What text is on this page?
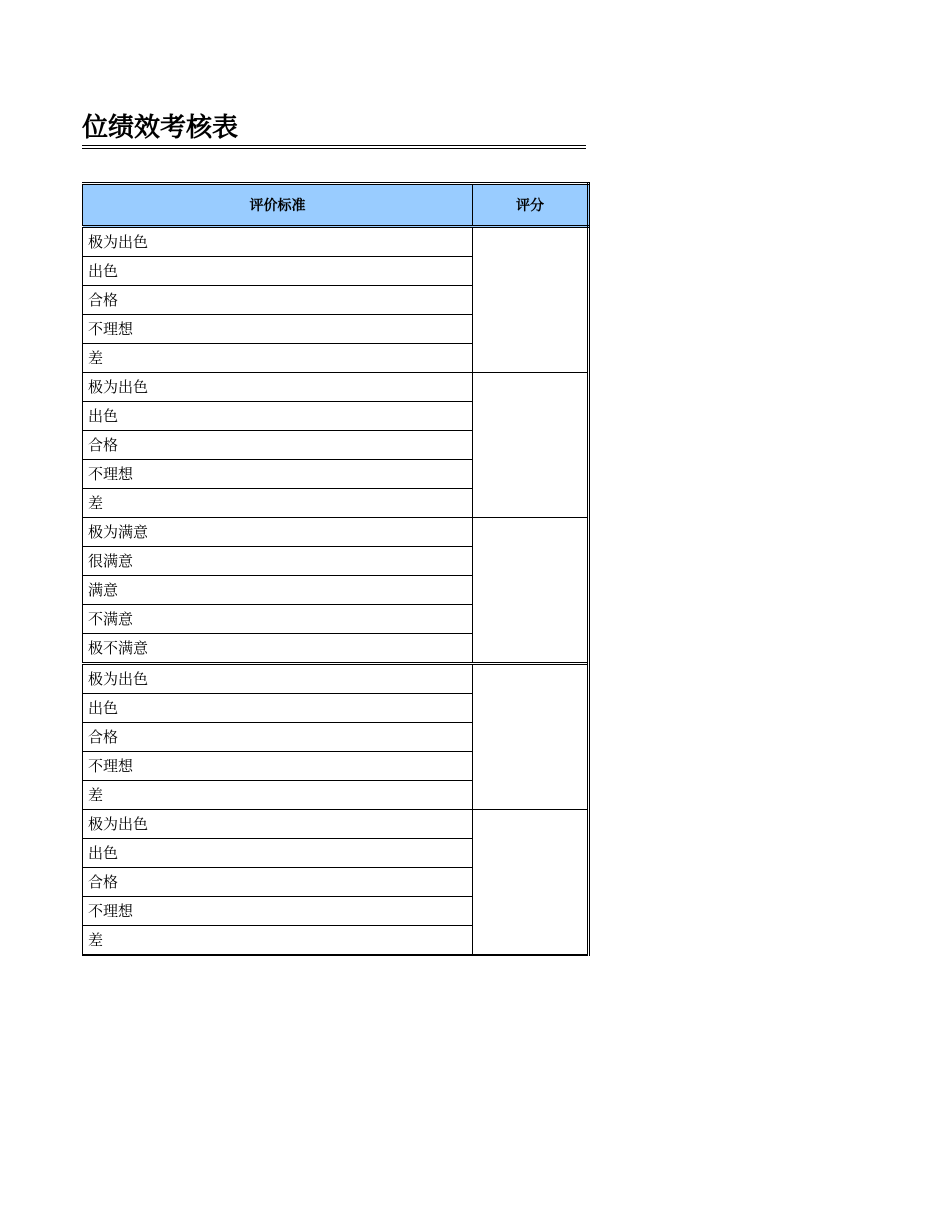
位绩效考核表
评价标准	评分
极为出色	
出色	
合格	
不理想	
差	
极为出色	
出色	
合格	
不理想	
差	
极为满意	
很满意	
满意	
不满意	
极不满意	
极为出色	
出色	
合格	
不理想	
差	
极为出色	
出色	
合格	
不理想	
差	
